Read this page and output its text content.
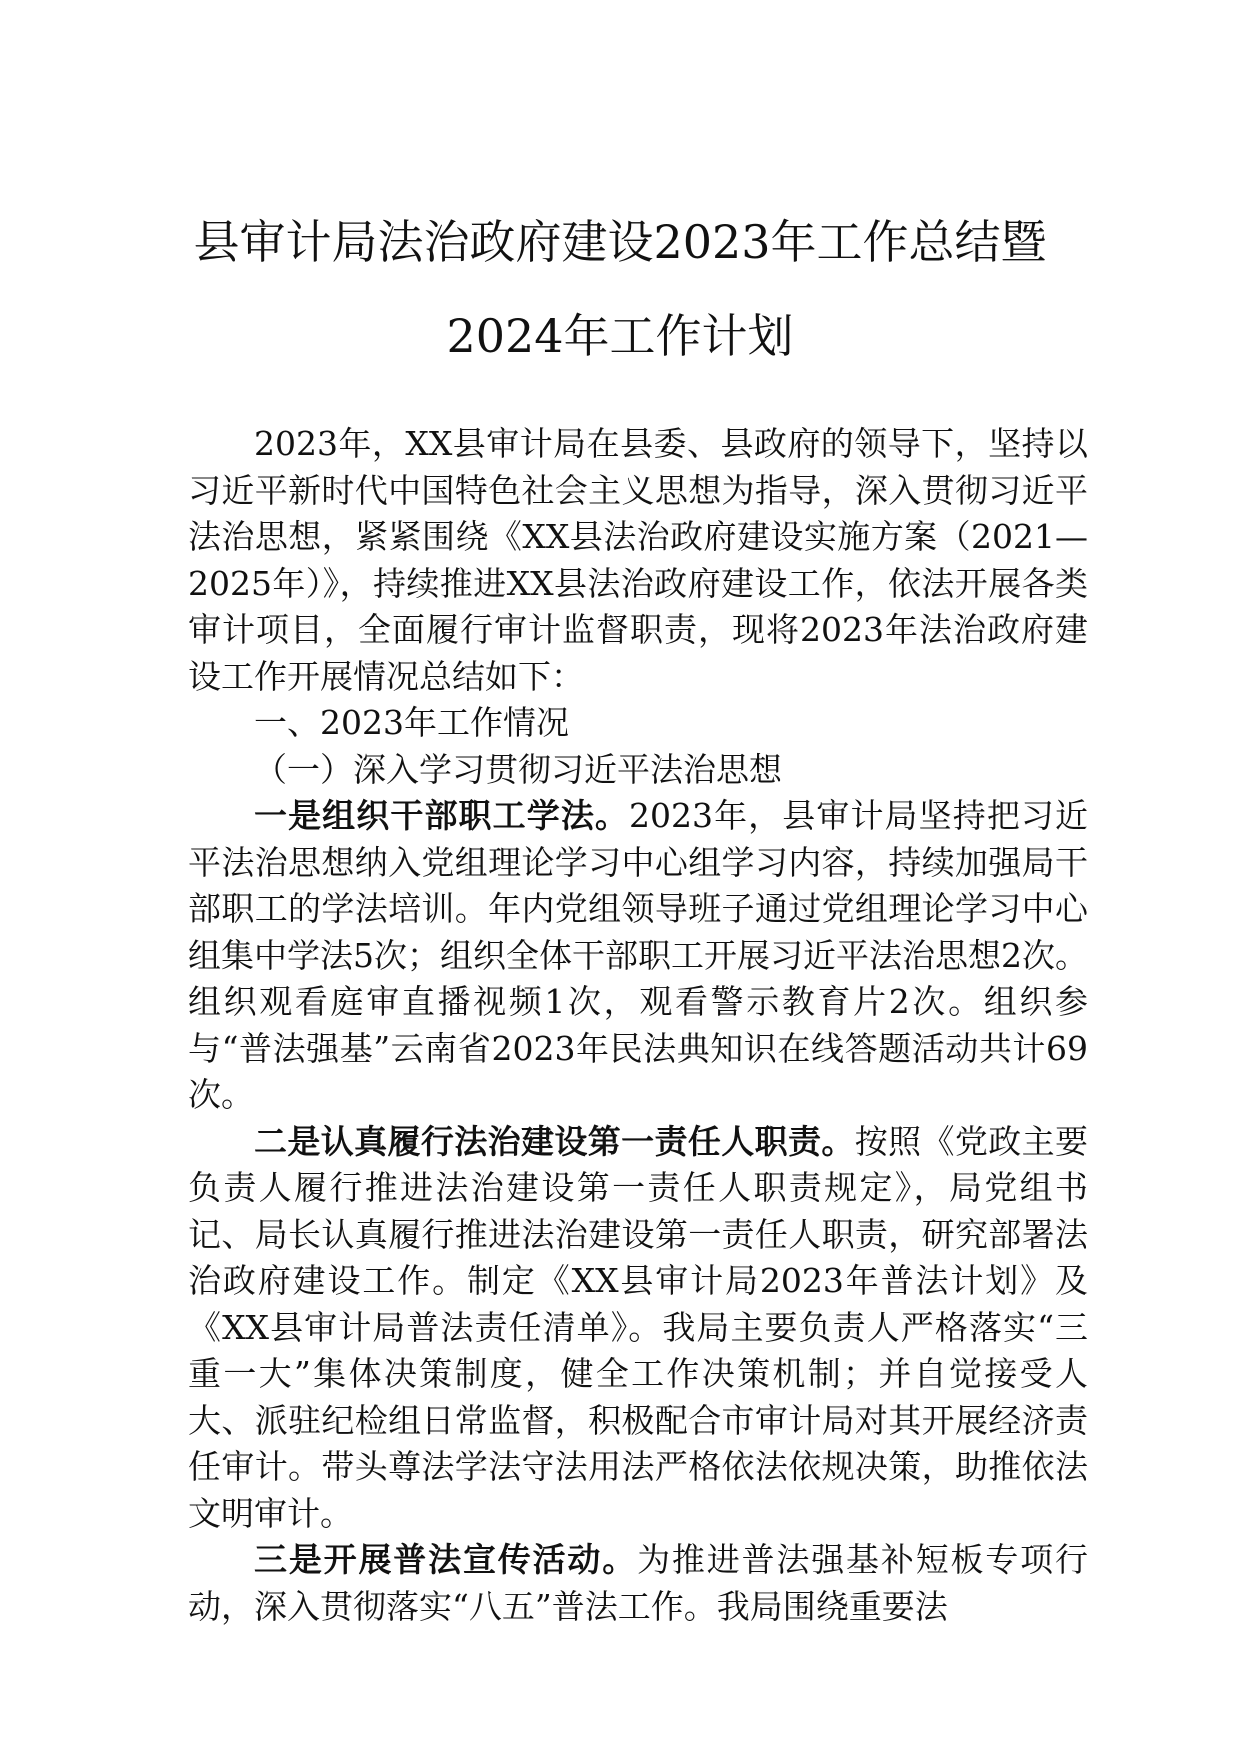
县审计局法治政府建设2023年工作总结暨
2024年工作计划

2023年，XX县审计局在县委、县政府的领导下，坚持以习近平新时代中国特色社会主义思想为指导，深入贯彻习近平法治思想，紧紧围绕《XX县法治政府建设实施方案（2021—2025年）》，持续推进XX县法治政府建设工作，依法开展各类审计项目，全面履行审计监督职责，现将2023年法治政府建设工作开展情况总结如下：

一、2023年工作情况

（一）深入学习贯彻习近平法治思想

一是组织干部职工学法。2023年，县审计局坚持把习近平法治思想纳入党组理论学习中心组学习内容，持续加强局干部职工的学法培训。年内党组领导班子通过党组理论学习中心组集中学法5次；组织全体干部职工开展习近平法治思想2次。组织观看庭审直播视频1次，观看警示教育片2次。组织参与“普法强基”云南省2023年民法典知识在线答题活动共计69次。

二是认真履行法治建设第一责任人职责。按照《党政主要负责人履行推进法治建设第一责任人职责规定》，局党组书记、局长认真履行推进法治建设第一责任人职责，研究部署法治政府建设工作。制定《XX县审计局2023年普法计划》及《XX县审计局普法责任清单》。我局主要负责人严格落实“三重一大”集体决策制度，健全工作决策机制；并自觉接受人大、派驻纪检组日常监督，积极配合市审计局对其开展经济责任审计。带头尊法学法守法用法严格依法依规决策，助推依法文明审计。

三是开展普法宣传活动。为推进普法强基补短板专项行动，深入贯彻落实“八五”普法工作。我局围绕重要法
